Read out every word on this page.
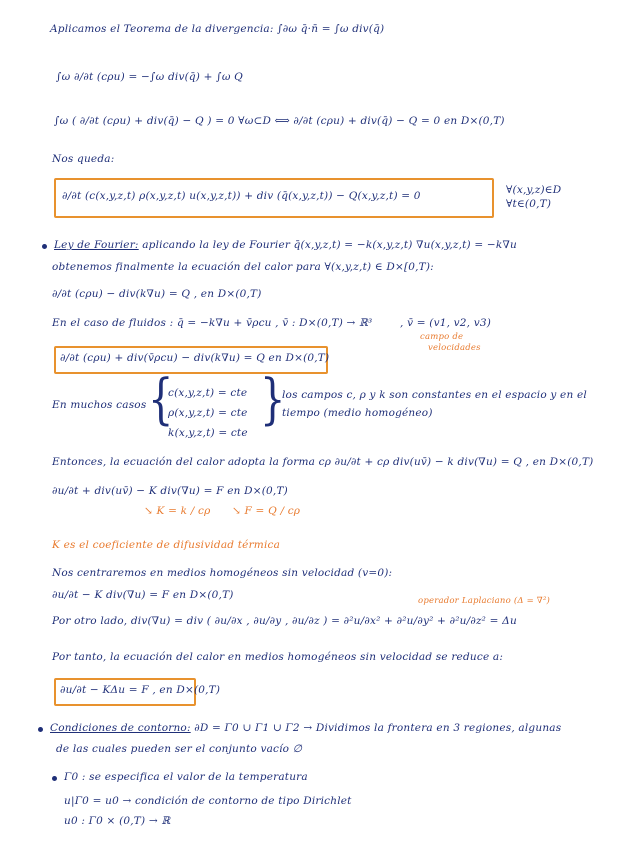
Aplicamos el Teorema de la divergencia: ∫∂ω q̄·n̄ = ∫ω div(q̄)
∫ω ∂/∂t (cρu) = −∫ω div(q̄) + ∫ω Q
∫ω ( ∂/∂t (cρu) + div(q̄) − Q ) = 0 ∀ω⊂D ⟺ ∂/∂t (cρu) + div(q̄) − Q = 0 en D×(0,T)
Nos queda:
∂/∂t (c(x,y,z,t) ρ(x,y,z,t) u(x,y,z,t)) + div (q̄(x,y,z,t)) − Q(x,y,z,t) = 0	∀(x,y,z)∈D
∀t∈(0,T)
Ley de Fourier: aplicando la ley de Fourier q̄(x,y,z,t) = −k(x,y,z,t) ∇u(x,y,z,t) = −k∇u
obtenemos finalmente la ecuación del calor para ∀(x,y,z,t) ∈ D×[0,T):
∂/∂t (cρu) − div(k∇u) = Q , en D×(0,T)
En el caso de fluidos : q̄ = −k∇u + v̄ρcu , v̄ : D×(0,T) → ℝ³	, v̄ = (v1, v2, v3)
campo de
velocidades
∂/∂t (cρu) + div(v̄ρcu) − div(k∇u) = Q en D×(0,T)
En muchos casos {
c(x,y,z,t) = cte
ρ(x,y,z,t) = cte
k(x,y,z,t) = cte
}
los campos c, ρ y k son constantes en el espacio y en el
tiempo (medio homogéneo)
Entonces, la ecuación del calor adopta la forma cρ ∂u/∂t + cρ div(uv̄) − k div(∇u) = Q , en D×(0,T)
∂u/∂t + div(uv̄) − K div(∇u) = F en D×(0,T)
↘ K = k / cρ ↘ F = Q / cρ
K es el coeficiente de difusividad térmica
Nos centraremos en medios homogéneos sin velocidad (v=0):
∂u/∂t − K div(∇u) = F en D×(0,T)	operador Laplaciano (Δ = ∇²)
Por otro lado, div(∇u) = div ( ∂u/∂x , ∂u/∂y , ∂u/∂z ) = ∂²u/∂x² + ∂²u/∂y² + ∂²u/∂z² = Δu
Por tanto, la ecuación del calor en medios homogéneos sin velocidad se reduce a:
∂u/∂t − KΔu = F , en D×(0,T)
Condiciones de contorno: ∂D = Γ0 ∪ Γ1 ∪ Γ2 → Dividimos la frontera en 3 regiones, algunas
de las cuales pueden ser el conjunto vacío ∅
Γ0 : se especifica el valor de la temperatura
u|Γ0 = u0 → condición de contorno de tipo Dirichlet
u0 : Γ0 × (0,T) → ℝ
